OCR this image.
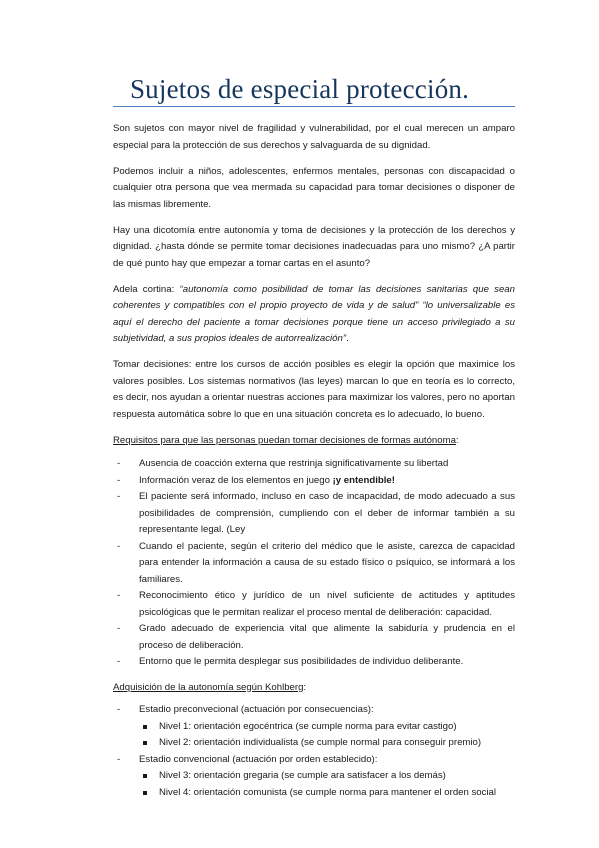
Sujetos de especial protección.

Son sujetos con mayor nivel de fragilidad y vulnerabilidad, por el cual merecen un amparo especial para la protección de sus derechos y salvaguarda de su dignidad.

Podemos incluir a niños, adolescentes, enfermos mentales, personas con discapacidad o cualquier otra persona que vea mermada su capacidad para tomar decisiones o disponer de las mismas libremente.

Hay una dicotomía entre autonomía y toma de decisiones y la protección de los derechos y dignidad. ¿hasta dónde se permite tomar decisiones inadecuadas para uno mismo? ¿A partir de qué punto hay que empezar a tomar cartas en el asunto?

Adela cortina: “autonomía como posibilidad de tomar las decisiones sanitarias que sean coherentes y compatibles con el propio proyecto de vida y de salud” “lo universalizable es aquí el derecho del paciente a tomar decisiones porque tiene un acceso privilegiado a su subjetividad, a sus propios ideales de autorrealización”.

Tomar decisiones: entre los cursos de acción posibles es elegir la opción que maximice los valores posibles. Los sistemas normativos (las leyes) marcan lo que en teoría es lo correcto, es decir, nos ayudan a orientar nuestras acciones para maximizar los valores, pero no aportan respuesta automática sobre lo que en una situación concreta es lo adecuado, lo bueno.

Requisitos para que las personas puedan tomar decisiones de formas autónoma:

- Ausencia de coacción externa que restrinja significativamente su libertad
- Información veraz de los elementos en juego ¡y entendible!
- El paciente será informado, incluso en caso de incapacidad, de modo adecuado a sus posibilidades de comprensión, cumpliendo con el deber de informar también a su representante legal. (Ley
- Cuando el paciente, según el criterio del médico que le asiste, carezca de capacidad para entender la información a causa de su estado físico o psíquico, se informará a los familiares.
- Reconocimiento ético y jurídico de un nivel suficiente de actitudes y aptitudes psicológicas que le permitan realizar el proceso mental de deliberación: capacidad.
- Grado adecuado de experiencia vital que alimente la sabiduría y prudencia en el proceso de deliberación.
- Entorno que le permita desplegar sus posibilidades de individuo deliberante.

Adquisición de la autonomía según Kohlberg:

- Estadio preconvecional (actuación por consecuencias):
Nivel 1: orientación egocéntrica (se cumple norma para evitar castigo)
Nivel 2: orientación individualista (se cumple normal para conseguir premio)
- Estadio convencional (actuación por orden establecido):
Nivel 3: orientación gregaria (se cumple ara satisfacer a los demás)
Nivel 4: orientación comunista (se cumple norma para mantener el orden social
